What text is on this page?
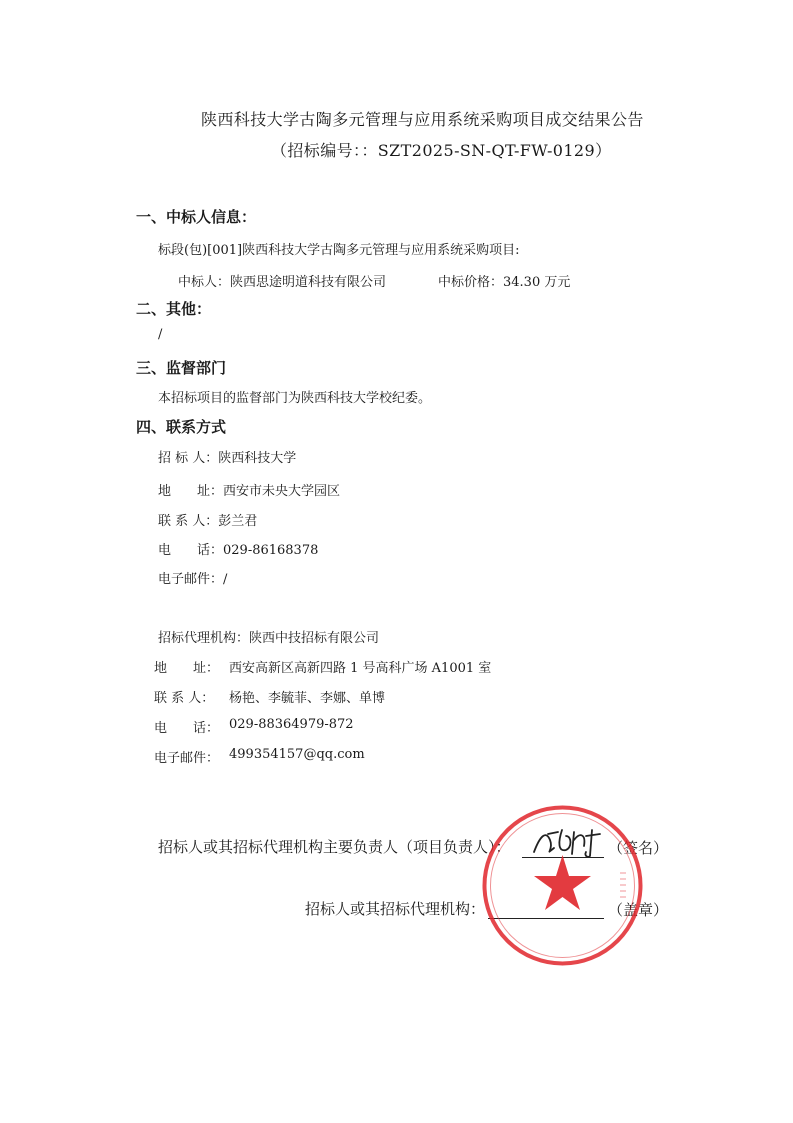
陕西科技大学古陶多元管理与应用系统采购项目成交结果公告
（招标编号：：SZT2025-SN-QT-FW-0129）
一、中标人信息：
标段(包)[001]陕西科技大学古陶多元管理与应用系统采购项目:
中标人：陕西思途明道科技有限公司	中标价格：34.30 万元
二、其他：
/
三、监督部门
本招标项目的监督部门为陕西科技大学校纪委。
四、联系方式
招 标 人：陕西科技大学
地　　址：西安市未央大学园区
联 系 人：彭兰君
电　　话：029-86168378
电子邮件：/
招标代理机构：陕西中技招标有限公司
地　　址： 西安高新区高新四路 1 号高科广场 A1001 室
联 系 人： 杨艳、李毓菲、李娜、单博
电　　话： 029-88364979-872
电子邮件： 499354157@qq.com
招标人或其招标代理机构主要负责人（项目负责人）：	（签名）
招标人或其招标代理机构：	（盖章）
